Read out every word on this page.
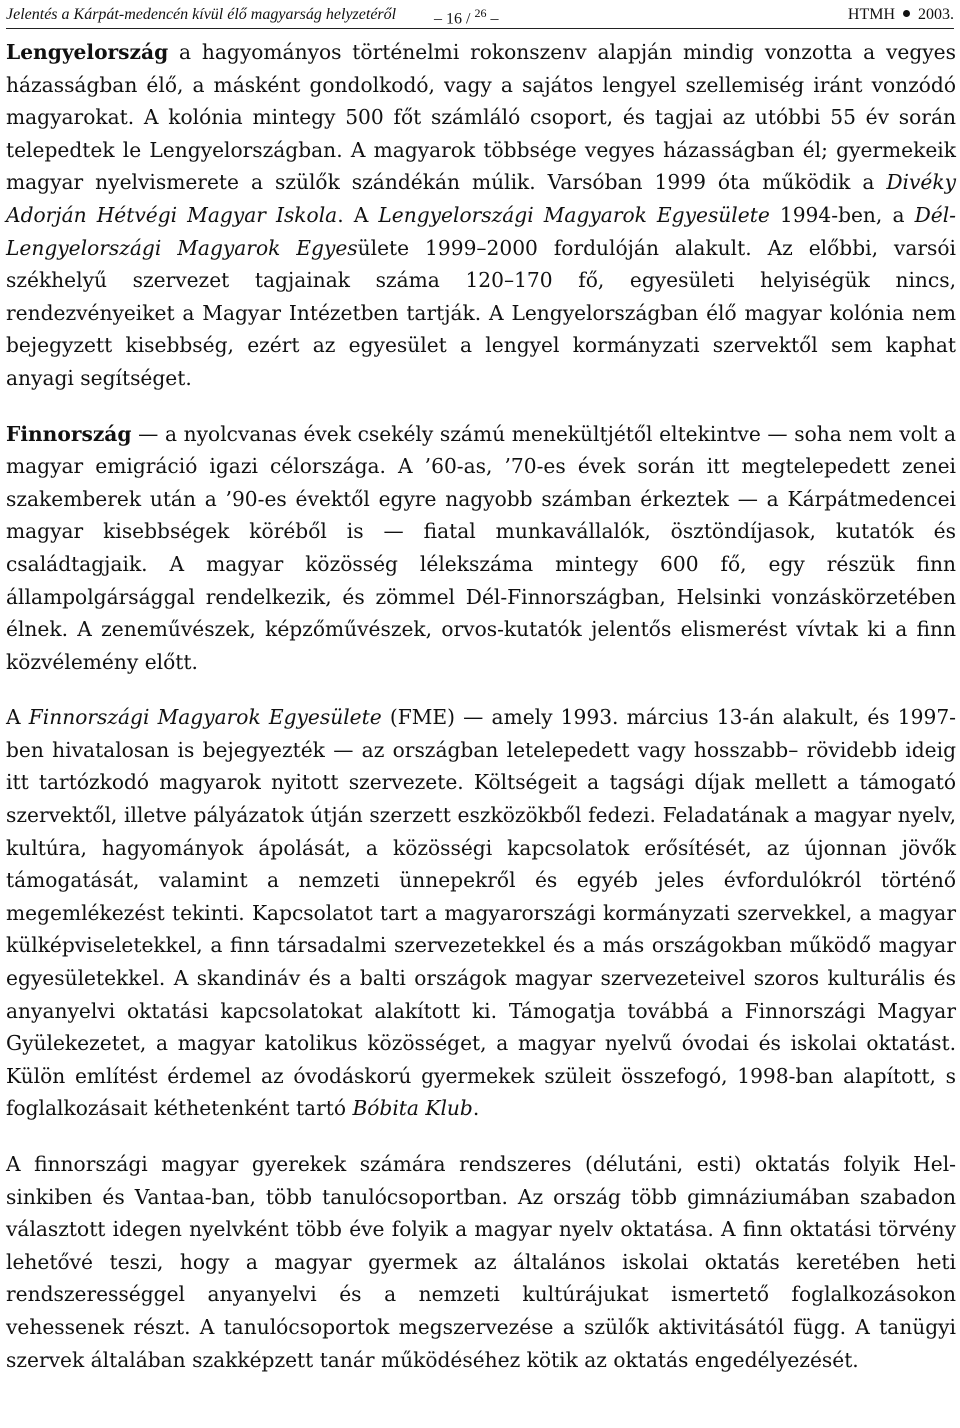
Jelentés a Kárpát-medencén kívül élő magyarság helyzetéről – 16 / $^{26}$ –	HTMH 2003.

Lengyelország a hagyományos történelmi rokonszenv alapján mindig vonzotta a vegyes házasságban élő, a másként gondolkodó, vagy a sajátos lengyel szellemiség iránt vonzódó magyarokat. A kolónia mintegy 500 főt számláló csoport, és tagjai az utóbbi 55 év során telepedtek le Lengyelországban. A magyarok többsége vegyes házasságban él; gyermekeik magyar nyelvismerete a szülők szándékán múlik. Varsóban 1999 óta működik a Divéky Adorján Hétvégi Magyar Iskola. A Lengyelországi Magyarok Egyesülete 1994-ben, a Dél-Lengyelországi Magyarok Egyesülete 1999–2000 fordulóján alakult. Az előbbi, varsói székhelyű szervezet tagjainak száma 120–170 fő, egyesületi helyiségük nincs, rendezvényeiket a Magyar Intézetben tartják. A Lengyelországban élő magyar kolónia nem bejegyzett kisebbség, ezért az egyesület a lengyel kormányzati szervektől sem kaphat anyagi segítséget.

Finnország — a nyolcvanas évek csekély számú menekültjétől eltekintve — soha nem volt a magyar emigráció igazi célországa. A ’60-as, ’70-es évek során itt megtelepedett zenei szakemberek után a ’90-es évektől egyre nagyobb számban érkeztek — a Kárpátmedencei magyar kisebbségek köréből is — fiatal munkavállalók, ösztöndíjasok, kutatók és családtagjaik. A magyar közösség lélekszáma mintegy 600 fő, egy részük finn állampolgársággal rendelkezik, és zömmel Dél-Finnországban, Helsinki vonzáskörzetében élnek. A zeneművészek, képzőművészek, orvos-kutatók jelentős elismerést vívtak ki a finn közvélemény előtt.

A Finnországi Magyarok Egyesülete (FME) — amely 1993. március 13-án alakult, és 1997-ben hivatalosan is bejegyezték — az országban letelepedett vagy hosszabb– rövidebb ideig itt tartózkodó magyarok nyitott szervezete. Költségeit a tagsági díjak mellett a támogató szervektől, illetve pályázatok útján szerzett eszközökből fedezi. Feladatának a magyar nyelv, kultúra, hagyományok ápolását, a közösségi kapcsolatok erősítését, az újonnan jövők támogatását, valamint a nemzeti ünnepekről és egyéb jeles évfordulókról történő megemlékezést tekinti. Kapcsolatot tart a magyarországi kormányzati szervekkel, a magyar külképviseletekkel, a finn társadalmi szervezetekkel és a más országokban működő magyar egyesületekkel. A skandináv és a balti országok magyar szervezeteivel szoros kulturális és anyanyelvi oktatási kapcsolatokat alakított ki. Támogatja továbbá a Finnországi Magyar Gyülekezetet, a magyar katolikus közösséget, a magyar nyelvű óvodai és iskolai oktatást. Külön említést érdemel az óvodáskorú gyermekek szüleit összefogó, 1998-ban alapított, s foglalkozásait kéthetenként tartó Bóbita Klub.

A finnországi magyar gyerekek számára rendszeres (délutáni, esti) oktatás folyik Helsinkiben és Vantaa-ban, több tanulócsoportban. Az ország több gimnáziumában szabadon választott idegen nyelvként több éve folyik a magyar nyelv oktatása. A finn oktatási törvény lehetővé teszi, hogy a magyar gyermek az általános iskolai oktatás keretében heti rendszerességgel anyanyelvi és a nemzeti kultúrájukat ismertető foglalkozásokon vehessenek részt. A tanulócsoportok megszervezése a szülők aktivitásától függ. A tanügyi szervek általában szakképzett tanár működéséhez kötik az oktatás engedélyezését.
